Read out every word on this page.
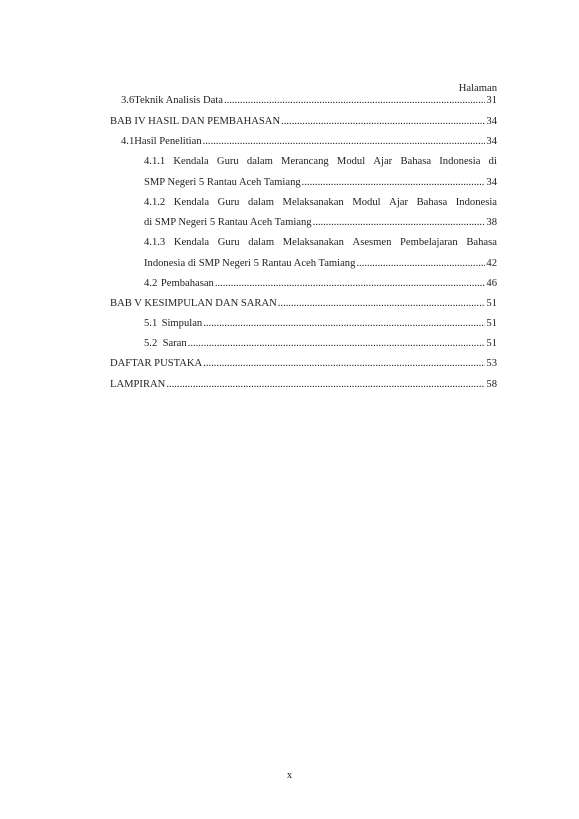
Halaman
3.6 Teknik Analisis Data .....	31
BAB IV HASIL DAN PEMBAHASAN .....	34
4.1 Hasil Penelitian .....	34
4.1.1 Kendala Guru dalam Merancang Modul Ajar Bahasa Indonesia di
SMP Negeri 5 Rantau Aceh Tamiang .....	34
4.1.2 Kendala Guru dalam Melaksanakan Modul Ajar Bahasa Indonesia
di SMP Negeri 5 Rantau Aceh Tamiang .....	38
4.1.3 Kendala Guru dalam Melaksanakan Asesmen Pembelajaran Bahasa
Indonesia di SMP Negeri 5 Rantau Aceh Tamiang .....	42
4.2 Pembahasan .....	46
BAB V KESIMPULAN DAN SARAN .....	51
5.1 Simpulan .....	51
5.2 Saran .....	51
DAFTAR PUSTAKA .....	53
LAMPIRAN .....	58
x
